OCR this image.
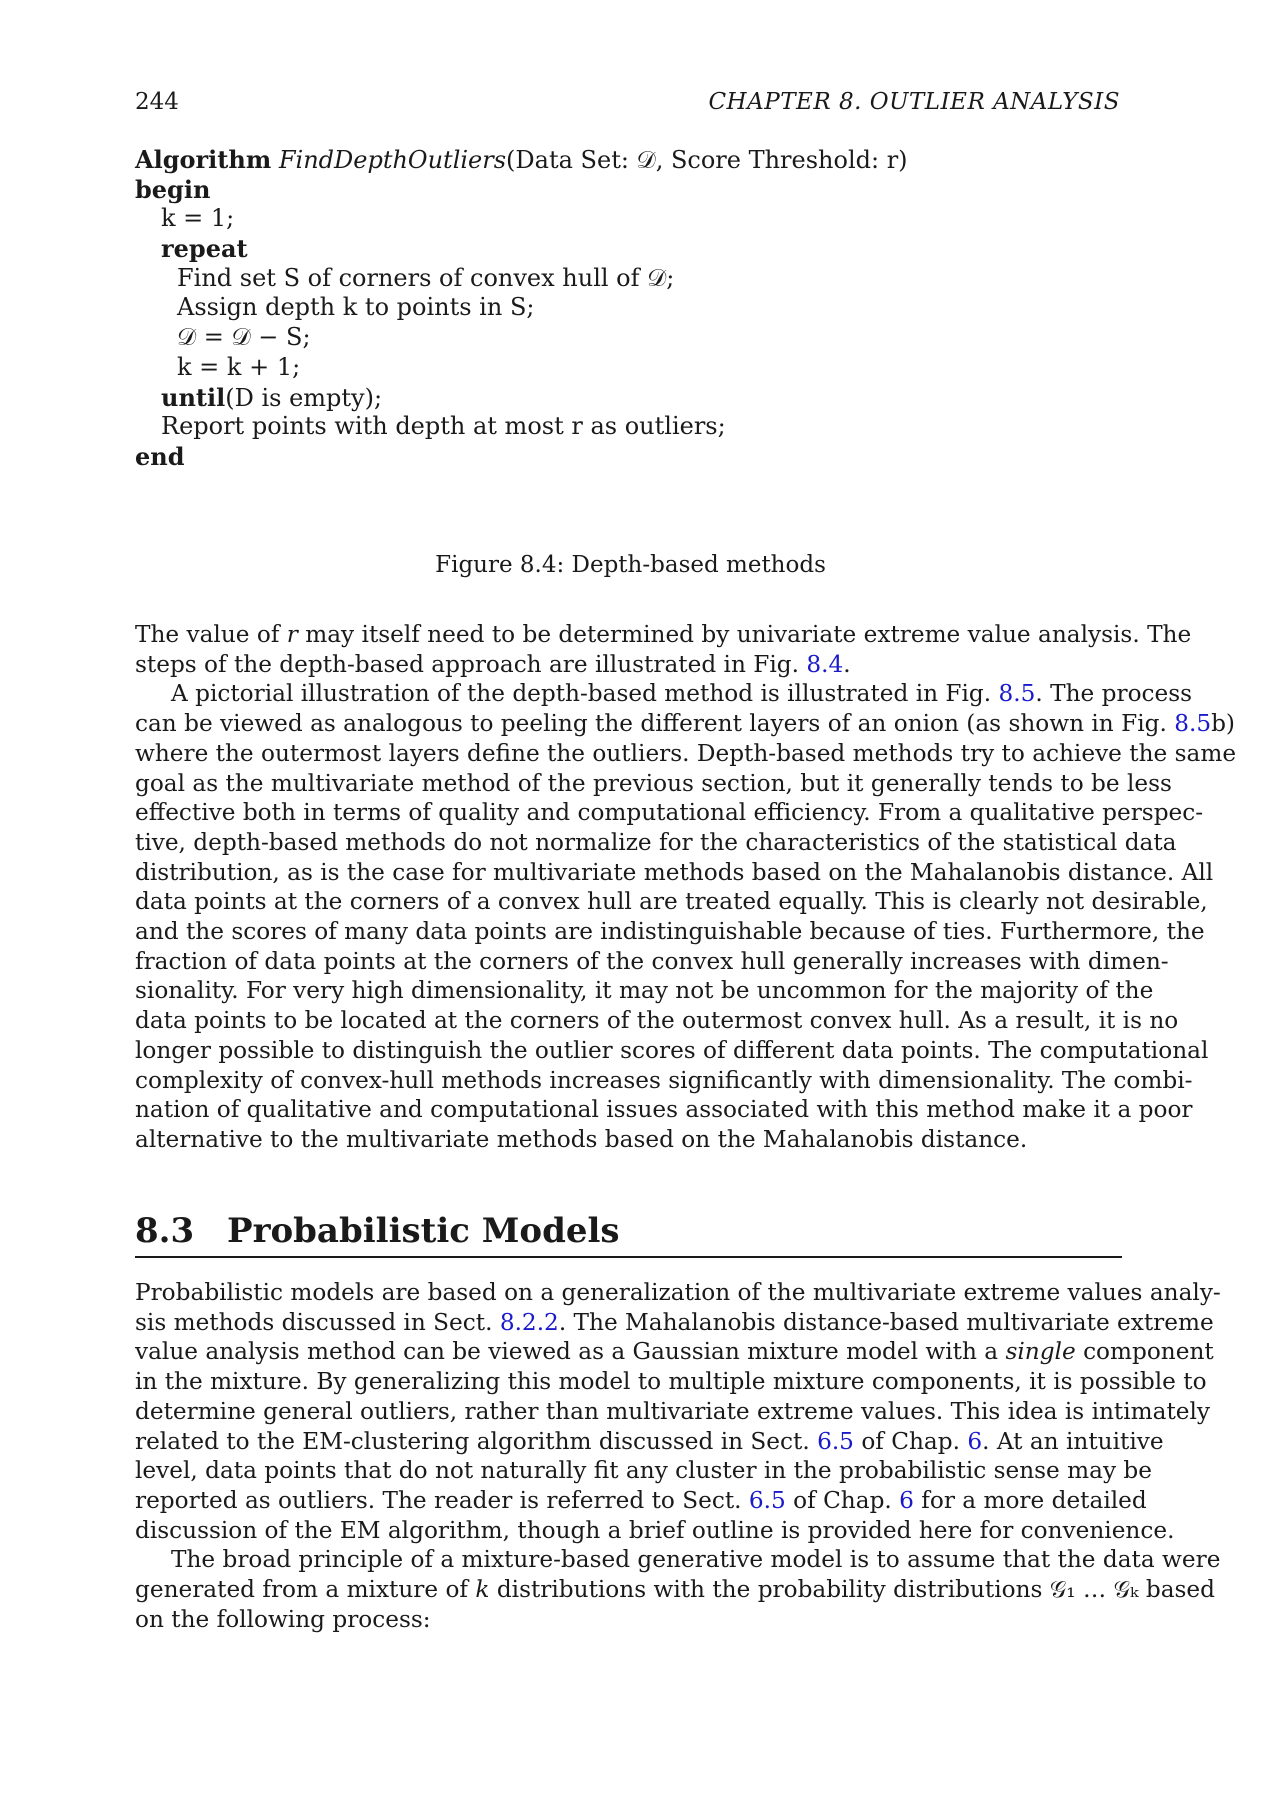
244	CHAPTER 8. OUTLIER ANALYSIS
Algorithm FindDepthOutliers(Data Set: 𝒟, Score Threshold: r)
begin
k = 1;
repeat
Find set S of corners of convex hull of 𝒟;
Assign depth k to points in S;
𝒟 = 𝒟 − S;
k = k + 1;
until(D is empty);
Report points with depth at most r as outliers;
end
Figure 8.4: Depth-based methods
The value of r may itself need to be determined by univariate extreme value analysis. The
steps of the depth-based approach are illustrated in Fig. 8.4.
A pictorial illustration of the depth-based method is illustrated in Fig. 8.5. The process
can be viewed as analogous to peeling the different layers of an onion (as shown in Fig. 8.5b)
where the outermost layers define the outliers. Depth-based methods try to achieve the same
goal as the multivariate method of the previous section, but it generally tends to be less
effective both in terms of quality and computational efficiency. From a qualitative perspec-
tive, depth-based methods do not normalize for the characteristics of the statistical data
distribution, as is the case for multivariate methods based on the Mahalanobis distance. All
data points at the corners of a convex hull are treated equally. This is clearly not desirable,
and the scores of many data points are indistinguishable because of ties. Furthermore, the
fraction of data points at the corners of the convex hull generally increases with dimen-
sionality. For very high dimensionality, it may not be uncommon for the majority of the
data points to be located at the corners of the outermost convex hull. As a result, it is no
longer possible to distinguish the outlier scores of different data points. The computational
complexity of convex-hull methods increases significantly with dimensionality. The combi-
nation of qualitative and computational issues associated with this method make it a poor
alternative to the multivariate methods based on the Mahalanobis distance.
8.3 Probabilistic Models
Probabilistic models are based on a generalization of the multivariate extreme values analy-
sis methods discussed in Sect. 8.2.2. The Mahalanobis distance-based multivariate extreme
value analysis method can be viewed as a Gaussian mixture model with a single component
in the mixture. By generalizing this model to multiple mixture components, it is possible to
determine general outliers, rather than multivariate extreme values. This idea is intimately
related to the EM-clustering algorithm discussed in Sect. 6.5 of Chap. 6. At an intuitive
level, data points that do not naturally fit any cluster in the probabilistic sense may be
reported as outliers. The reader is referred to Sect. 6.5 of Chap. 6 for a more detailed
discussion of the EM algorithm, though a brief outline is provided here for convenience.
The broad principle of a mixture-based generative model is to assume that the data were
generated from a mixture of k distributions with the probability distributions 𝒢₁ … 𝒢ₖ based
on the following process:
